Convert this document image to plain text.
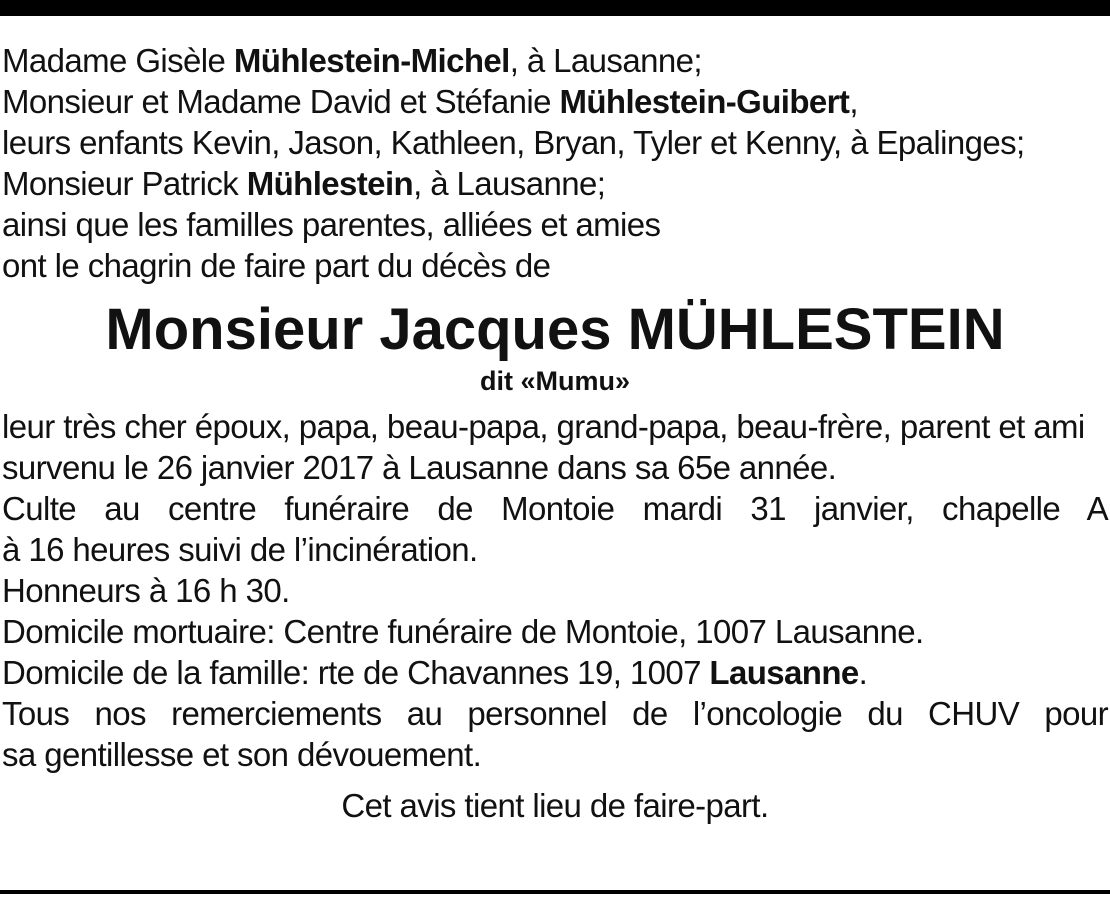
Madame Gisèle Mühlestein-Michel, à Lausanne;
Monsieur et Madame David et Stéfanie Mühlestein-Guibert,
leurs enfants Kevin, Jason, Kathleen, Bryan, Tyler et Kenny, à Epalinges;
Monsieur Patrick Mühlestein, à Lausanne;
ainsi que les familles parentes, alliées et amies
ont le chagrin de faire part du décès de
Monsieur Jacques MÜHLESTEIN
dit «Mumu»
leur très cher époux, papa, beau-papa, grand-papa, beau-frère, parent et ami
survenu le 26 janvier 2017 à Lausanne dans sa 65e année.
Culte au centre funéraire de Montoie mardi 31 janvier, chapelle A
à 16 heures suivi de l’incinération.
Honneurs à 16 h 30.
Domicile mortuaire: Centre funéraire de Montoie, 1007 Lausanne.
Domicile de la famille: rte de Chavannes 19, 1007 Lausanne.
Tous nos remerciements au personnel de l’oncologie du CHUV pour
sa gentillesse et son dévouement.
Cet avis tient lieu de faire-part.
